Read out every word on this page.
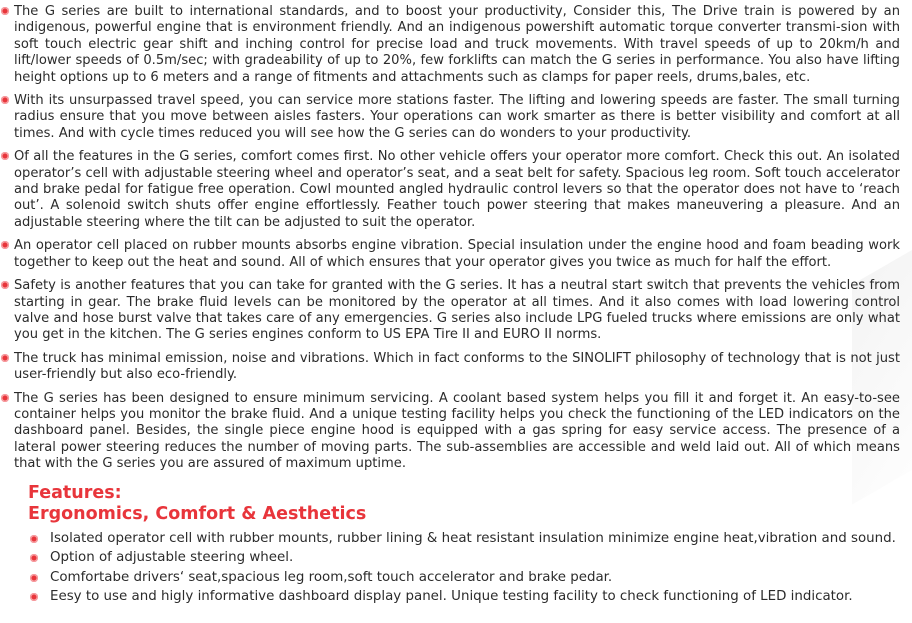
The G series are built to international standards, and to boost your productivity, Consider this, The Drive train is powered by an indigenous, powerful engine that is environment friendly. And an indigenous powershift automatic torque converter transmi-sion with soft touch electric gear shift and inching control for precise load and truck movements. With travel speeds of up to 20km/h and lift/lower speeds of 0.5m/sec; with gradeability of up to 20%, few forklifts can match the G series in performance. You also have lifting height options up to 6 meters and a range of fitments and attachments such as clamps for paper reels, drums,bales, etc.

With its unsurpassed travel speed, you can service more stations faster. The lifting and lowering speeds are faster. The small turning radius ensure that you move between aisles fasters. Your operations can work smarter as there is better visibility and comfort at all times. And with cycle times reduced you will see how the G series can do wonders to your productivity.

Of all the features in the G series, comfort comes first. No other vehicle offers your operator more comfort. Check this out. An isolated operator’s cell with adjustable steering wheel and operator’s seat, and a seat belt for safety. Spacious leg room. Soft touch accelerator and brake pedal for fatigue free operation. Cowl mounted angled hydraulic control levers so that the operator does not have to ‘reach out’. A solenoid switch shuts offer engine effortlessly. Feather touch power steering that makes maneuvering a pleasure. And an adjustable steering where the tilt can be adjusted to suit the operator.

An operator cell placed on rubber mounts absorbs engine vibration. Special insulation under the engine hood and foam beading work together to keep out the heat and sound. All of which ensures that your operator gives you twice as much for half the effort.

Safety is another features that you can take for granted with the G series. It has a neutral start switch that prevents the vehicles from starting in gear. The brake fluid levels can be monitored by the operator at all times. And it also comes with load lowering control valve and hose burst valve that takes care of any emergencies. G series also include LPG fueled trucks where emissions are only what you get in the kitchen. The G series engines conform to US EPA Tire II and EURO II norms.

The truck has minimal emission, noise and vibrations. Which in fact conforms to the SINOLIFT philosophy of technology that is not just user-friendly but also eco-friendly.

The G series has been designed to ensure minimum servicing. A coolant based system helps you fill it and forget it. An easy-to-see container helps you monitor the brake fluid. And a unique testing facility helps you check the functioning of the LED indicators on the dashboard panel. Besides, the single piece engine hood is equipped with a gas spring for easy service access. The presence of a lateral power steering reduces the number of moving parts. The sub-assemblies are accessible and weld laid out. All of which means that with the G series you are assured of maximum uptime.

Features:
Ergonomics, Comfort & Aesthetics
Isolated operator cell with rubber mounts, rubber lining & heat resistant insulation minimize engine heat,vibration and sound.
Option of adjustable steering wheel.
Comfortabe drivers‘ seat,spacious leg room,soft touch accelerator and brake pedar.
Eesy to use and higly informative dashboard display panel. Unique testing facility to check functioning of LED indicator.
